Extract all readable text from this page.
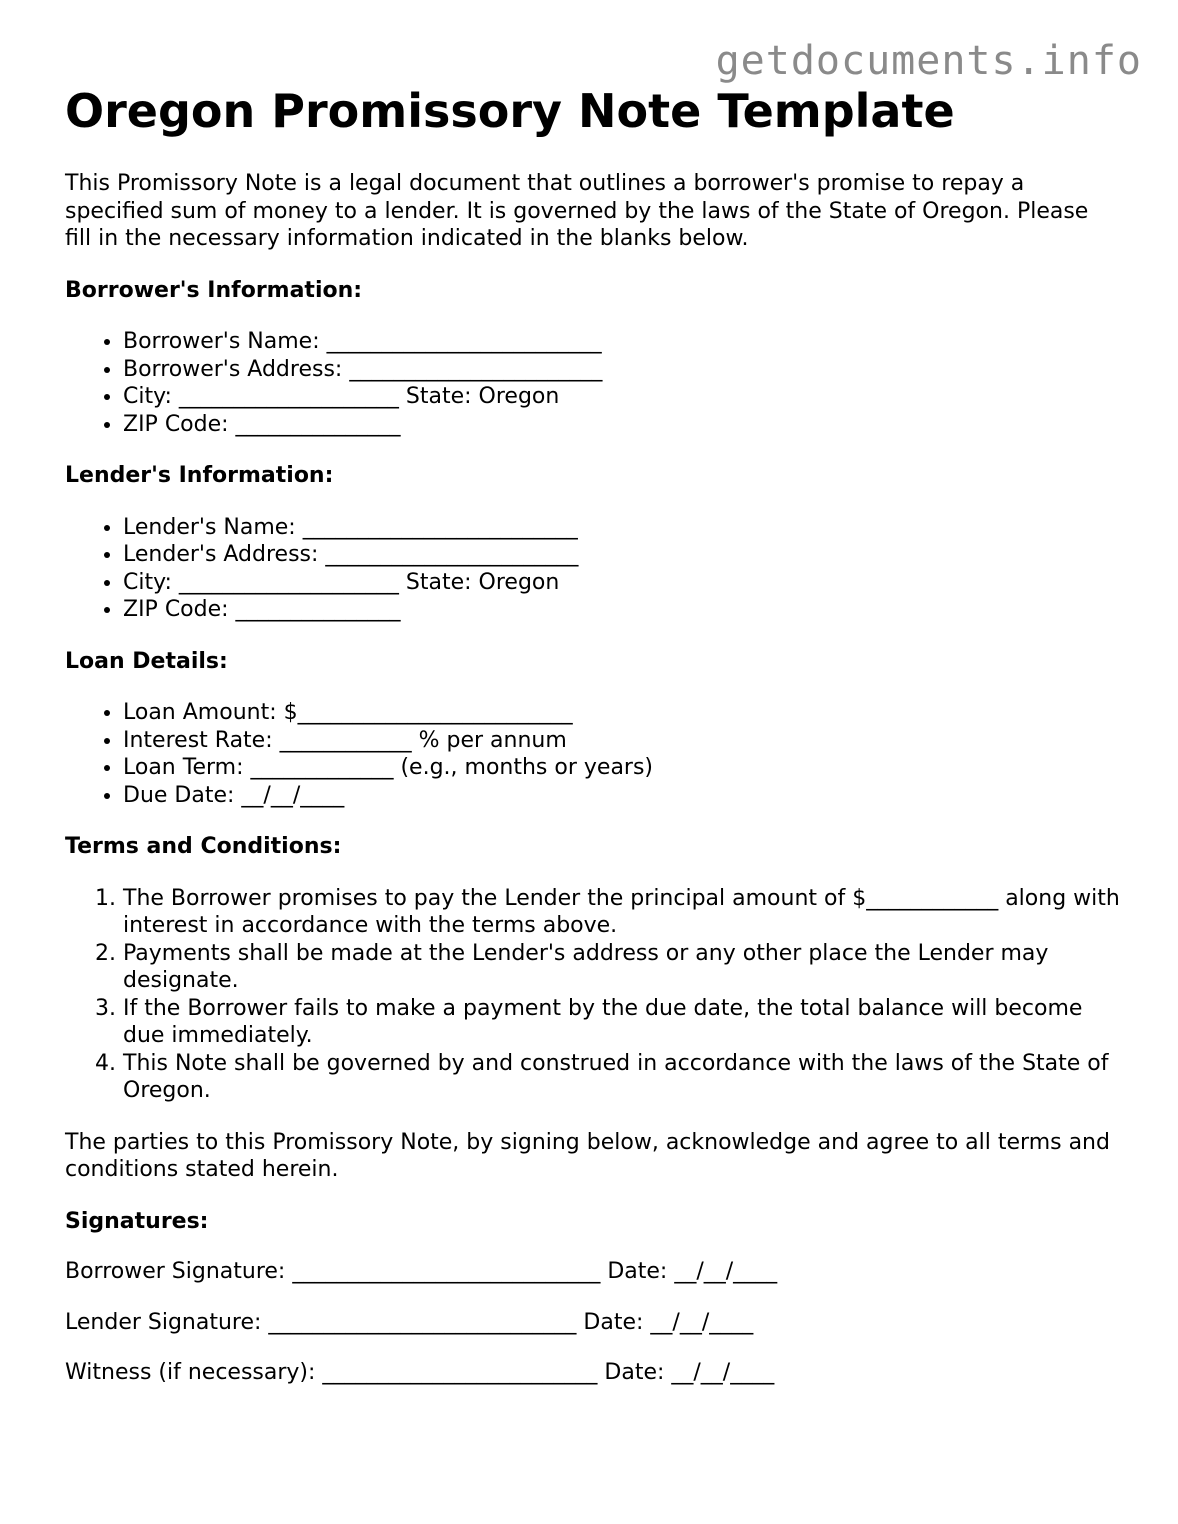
getdocuments.info
Oregon Promissory Note Template

This Promissory Note is a legal document that outlines a borrower's promise to repay a specified sum of money to a lender. It is governed by the laws of the State of Oregon. Please fill in the necessary information indicated in the blanks below.

Borrower's Information:
• Borrower's Name: _________________________
• Borrower's Address: _______________________
• City: ____________________ State: Oregon
• ZIP Code: _______________
Lender's Information:
• Lender's Name: _________________________
• Lender's Address: _______________________
• City: ____________________ State: Oregon
• ZIP Code: _______________
Loan Details:
• Loan Amount: $_________________________
• Interest Rate: ____________ % per annum
• Loan Term: _____________ (e.g., months or years)
• Due Date: __/__/____
Terms and Conditions:
1. The Borrower promises to pay the Lender the principal amount of $____________ along with interest in accordance with the terms above.
2. Payments shall be made at the Lender's address or any other place the Lender may designate.
3. If the Borrower fails to make a payment by the due date, the total balance will become due immediately.
4. This Note shall be governed by and construed in accordance with the laws of the State of Oregon.

The parties to this Promissory Note, by signing below, acknowledge and agree to all terms and conditions stated herein.

Signatures:

Borrower Signature: ____________________________ Date: __/__/____

Lender Signature: ____________________________ Date: __/__/____

Witness (if necessary): _________________________ Date: __/__/____
